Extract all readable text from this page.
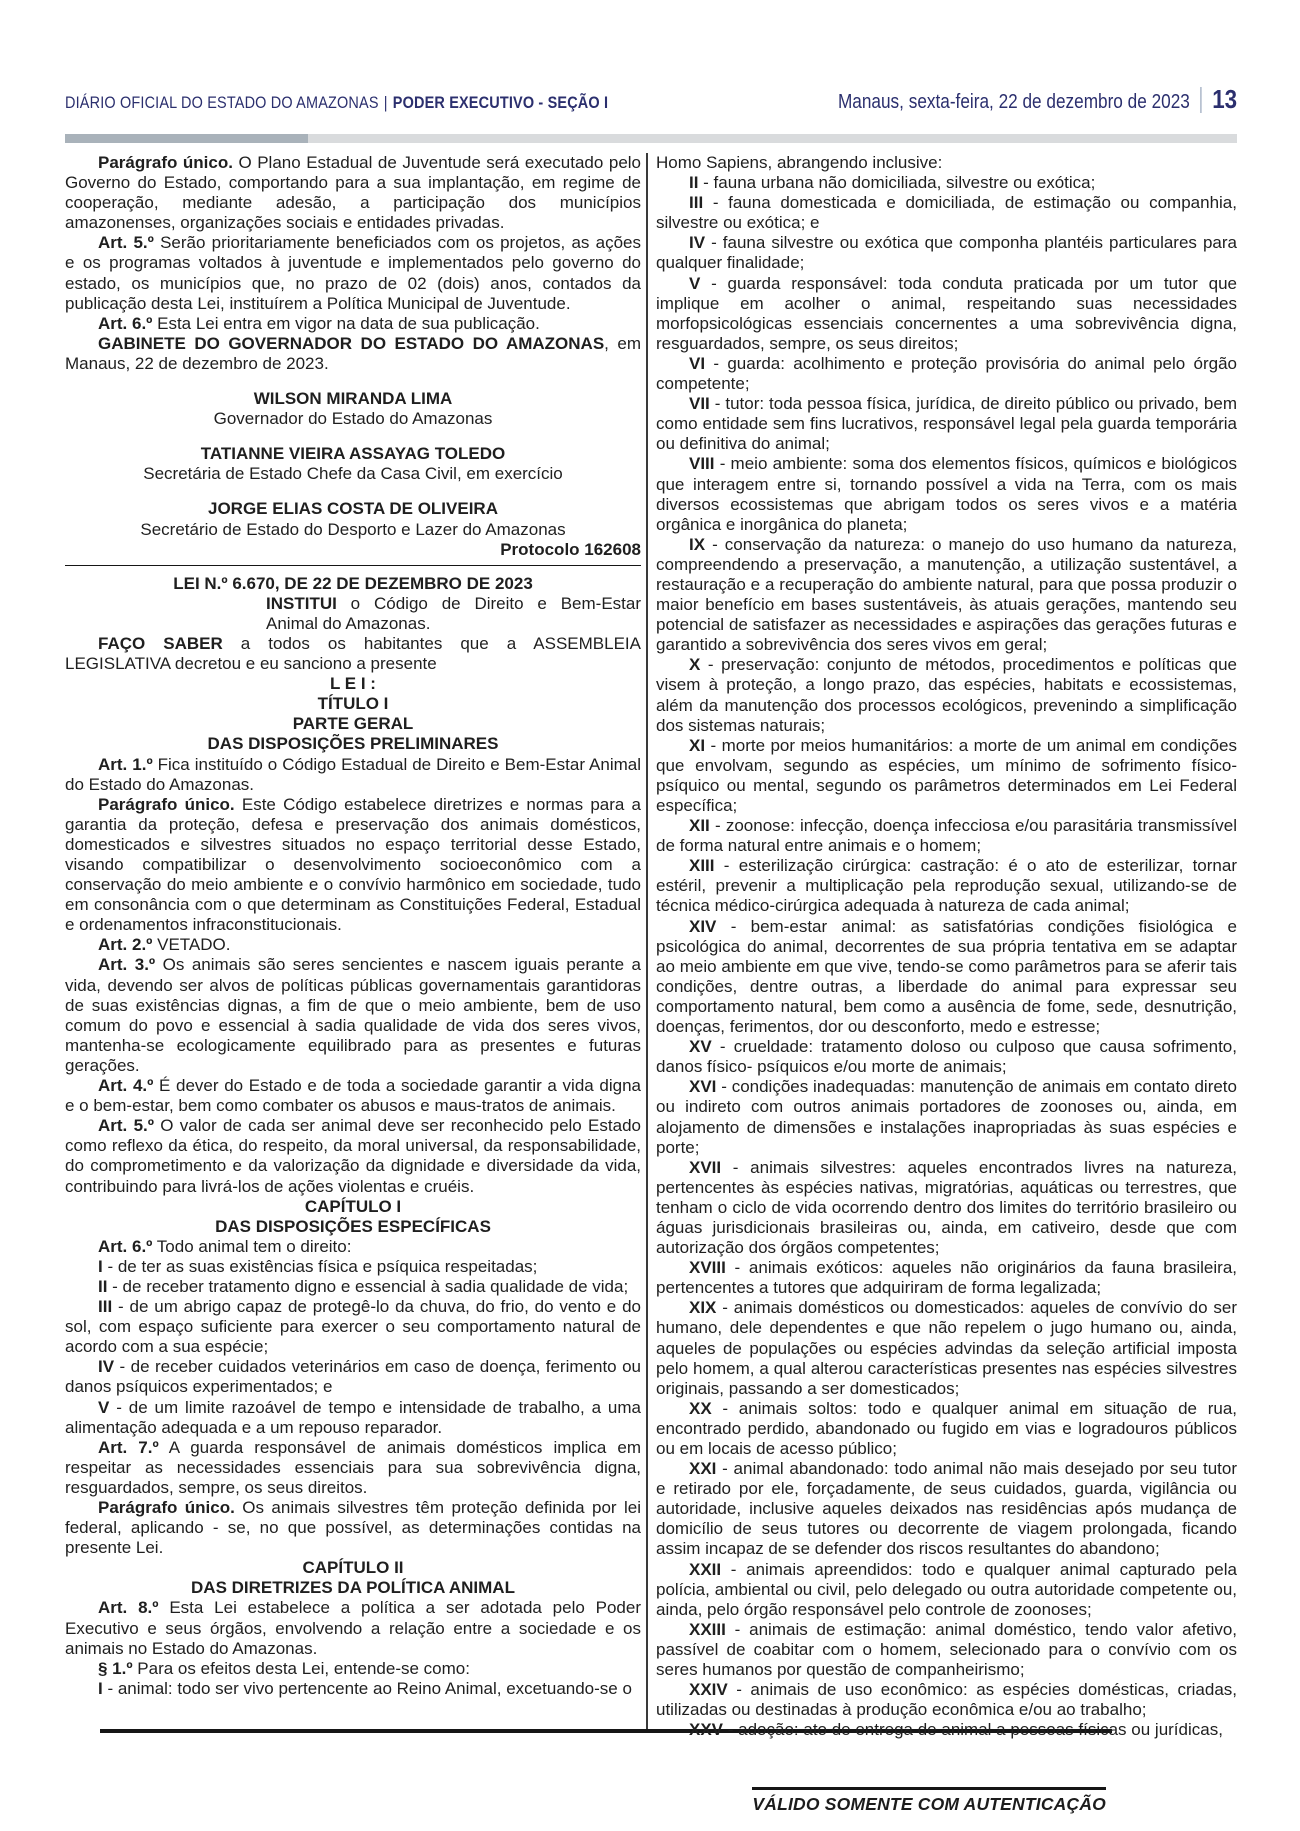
DIÁRIO OFICIAL DO ESTADO DO AMAZONAS | PODER EXECUTIVO - SEÇÃO I	Manaus, sexta-feira, 22 de dezembro de 2023 13

Parágrafo único. O Plano Estadual de Juventude será executado pelo Governo do Estado, comportando para a sua implantação, em regime de cooperação, mediante adesão, a participação dos municípios amazonenses, organizações sociais e entidades privadas.

Art. 5.º Serão prioritariamente beneficiados com os projetos, as ações e os programas voltados à juventude e implementados pelo governo do estado, os municípios que, no prazo de 02 (dois) anos, contados da publicação desta Lei, instituírem a Política Municipal de Juventude.

Art. 6.º Esta Lei entra em vigor na data de sua publicação.

GABINETE DO GOVERNADOR DO ESTADO DO AMAZONAS, em Manaus, 22 de dezembro de 2023.

WILSON MIRANDA LIMA

Governador do Estado do Amazonas

TATIANNE VIEIRA ASSAYAG TOLEDO

Secretária de Estado Chefe da Casa Civil, em exercício

JORGE ELIAS COSTA DE OLIVEIRA

Secretário de Estado do Desporto e Lazer do Amazonas

Protocolo 162608

LEI N.º 6.670, DE 22 DE DEZEMBRO DE 2023

INSTITUI o Código de Direito e Bem-Estar Animal do Amazonas.

FAÇO SABER a todos os habitantes que a ASSEMBLEIA LEGISLATIVA decretou e eu sanciono a presente

L E I :

TÍTULO I

PARTE GERAL

DAS DISPOSIÇÕES PRELIMINARES

Art. 1.º Fica instituído o Código Estadual de Direito e Bem-Estar Animal do Estado do Amazonas.

Parágrafo único. Este Código estabelece diretrizes e normas para a garantia da proteção, defesa e preservação dos animais domésticos, domesticados e silvestres situados no espaço territorial desse Estado, visando compatibilizar o desenvolvimento socioeconômico com a conservação do meio ambiente e o convívio harmônico em sociedade, tudo em consonância com o que determinam as Constituições Federal, Estadual e ordenamentos infraconstitucionais.

Art. 2.º VETADO.

Art. 3.º Os animais são seres sencientes e nascem iguais perante a vida, devendo ser alvos de políticas públicas governamentais garantidoras de suas existências dignas, a fim de que o meio ambiente, bem de uso comum do povo e essencial à sadia qualidade de vida dos seres vivos, mantenha-se ecologicamente equilibrado para as presentes e futuras gerações.

Art. 4.º É dever do Estado e de toda a sociedade garantir a vida digna e o bem-estar, bem como combater os abusos e maus-tratos de animais.

Art. 5.º O valor de cada ser animal deve ser reconhecido pelo Estado como reflexo da ética, do respeito, da moral universal, da responsabilidade, do comprometimento e da valorização da dignidade e diversidade da vida, contribuindo para livrá-los de ações violentas e cruéis.

CAPÍTULO I

DAS DISPOSIÇÕES ESPECÍFICAS

Art. 6.º Todo animal tem o direito:

I - de ter as suas existências física e psíquica respeitadas;

II - de receber tratamento digno e essencial à sadia qualidade de vida;

III - de um abrigo capaz de protegê-lo da chuva, do frio, do vento e do sol, com espaço suficiente para exercer o seu comportamento natural de acordo com a sua espécie;

IV - de receber cuidados veterinários em caso de doença, ferimento ou danos psíquicos experimentados; e

V - de um limite razoável de tempo e intensidade de trabalho, a uma alimentação adequada e a um repouso reparador.

Art. 7.º A guarda responsável de animais domésticos implica em respeitar as necessidades essenciais para sua sobrevivência digna, resguardados, sempre, os seus direitos.

Parágrafo único. Os animais silvestres têm proteção definida por lei federal, aplicando - se, no que possível, as determinações contidas na presente Lei.

CAPÍTULO II

DAS DIRETRIZES DA POLÍTICA ANIMAL

Art. 8.º Esta Lei estabelece a política a ser adotada pelo Poder Executivo e seus órgãos, envolvendo a relação entre a sociedade e os animais no Estado do Amazonas.

§ 1.º Para os efeitos desta Lei, entende-se como:

I - animal: todo ser vivo pertencente ao Reino Animal, excetuando-se o

Homo Sapiens, abrangendo inclusive:

II - fauna urbana não domiciliada, silvestre ou exótica;

III - fauna domesticada e domiciliada, de estimação ou companhia, silvestre ou exótica; e

IV - fauna silvestre ou exótica que componha plantéis particulares para qualquer finalidade;

V - guarda responsável: toda conduta praticada por um tutor que implique em acolher o animal, respeitando suas necessidades morfopsicológicas essenciais concernentes a uma sobrevivência digna, resguardados, sempre, os seus direitos;

VI - guarda: acolhimento e proteção provisória do animal pelo órgão competente;

VII - tutor: toda pessoa física, jurídica, de direito público ou privado, bem como entidade sem fins lucrativos, responsável legal pela guarda temporária ou definitiva do animal;

VIII - meio ambiente: soma dos elementos físicos, químicos e biológicos que interagem entre si, tornando possível a vida na Terra, com os mais diversos ecossistemas que abrigam todos os seres vivos e a matéria orgânica e inorgânica do planeta;

IX - conservação da natureza: o manejo do uso humano da natureza, compreendendo a preservação, a manutenção, a utilização sustentável, a restauração e a recuperação do ambiente natural, para que possa produzir o maior benefício em bases sustentáveis, às atuais gerações, mantendo seu potencial de satisfazer as necessidades e aspirações das gerações futuras e garantido a sobrevivência dos seres vivos em geral;

X - preservação: conjunto de métodos, procedimentos e políticas que visem à proteção, a longo prazo, das espécies, habitats e ecossistemas, além da manutenção dos processos ecológicos, prevenindo a simplificação dos sistemas naturais;

XI - morte por meios humanitários: a morte de um animal em condições que envolvam, segundo as espécies, um mínimo de sofrimento físico-psíquico ou mental, segundo os parâmetros determinados em Lei Federal específica;

XII - zoonose: infecção, doença infecciosa e/ou parasitária transmissível de forma natural entre animais e o homem;

XIII - esterilização cirúrgica: castração: é o ato de esterilizar, tornar estéril, prevenir a multiplicação pela reprodução sexual, utilizando-se de técnica médico-cirúrgica adequada à natureza de cada animal;

XIV - bem-estar animal: as satisfatórias condições fisiológica e psicológica do animal, decorrentes de sua própria tentativa em se adaptar ao meio ambiente em que vive, tendo-se como parâmetros para se aferir tais condições, dentre outras, a liberdade do animal para expressar seu comportamento natural, bem como a ausência de fome, sede, desnutrição, doenças, ferimentos, dor ou desconforto, medo e estresse;

XV - crueldade: tratamento doloso ou culposo que causa sofrimento, danos físico- psíquicos e/ou morte de animais;

XVI - condições inadequadas: manutenção de animais em contato direto ou indireto com outros animais portadores de zoonoses ou, ainda, em alojamento de dimensões e instalações inapropriadas às suas espécies e porte;

XVII - animais silvestres: aqueles encontrados livres na natureza, pertencentes às espécies nativas, migratórias, aquáticas ou terrestres, que tenham o ciclo de vida ocorrendo dentro dos limites do território brasileiro ou águas jurisdicionais brasileiras ou, ainda, em cativeiro, desde que com autorização dos órgãos competentes;

XVIII - animais exóticos: aqueles não originários da fauna brasileira, pertencentes a tutores que adquiriram de forma legalizada;

XIX - animais domésticos ou domesticados: aqueles de convívio do ser humano, dele dependentes e que não repelem o jugo humano ou, ainda, aqueles de populações ou espécies advindas da seleção artificial imposta pelo homem, a qual alterou características presentes nas espécies silvestres originais, passando a ser domesticados;

XX - animais soltos: todo e qualquer animal em situação de rua, encontrado perdido, abandonado ou fugido em vias e logradouros públicos ou em locais de acesso público;

XXI - animal abandonado: todo animal não mais desejado por seu tutor e retirado por ele, forçadamente, de seus cuidados, guarda, vigilância ou autoridade, inclusive aqueles deixados nas residências após mudança de domicílio de seus tutores ou decorrente de viagem prolongada, ficando assim incapaz de se defender dos riscos resultantes do abandono;

XXII - animais apreendidos: todo e qualquer animal capturado pela polícia, ambiental ou civil, pelo delegado ou outra autoridade competente ou, ainda, pelo órgão responsável pelo controle de zoonoses;

XXIII - animais de estimação: animal doméstico, tendo valor afetivo, passível de coabitar com o homem, selecionado para o convívio com os seres humanos por questão de companheirismo;

XXIV - animais de uso econômico: as espécies domésticas, criadas, utilizadas ou destinadas à produção econômica e/ou ao trabalho;

XXV - adoção: ato de entrega de animal a pessoas físicas ou jurídicas,

VÁLIDO SOMENTE COM AUTENTICAÇÃO
